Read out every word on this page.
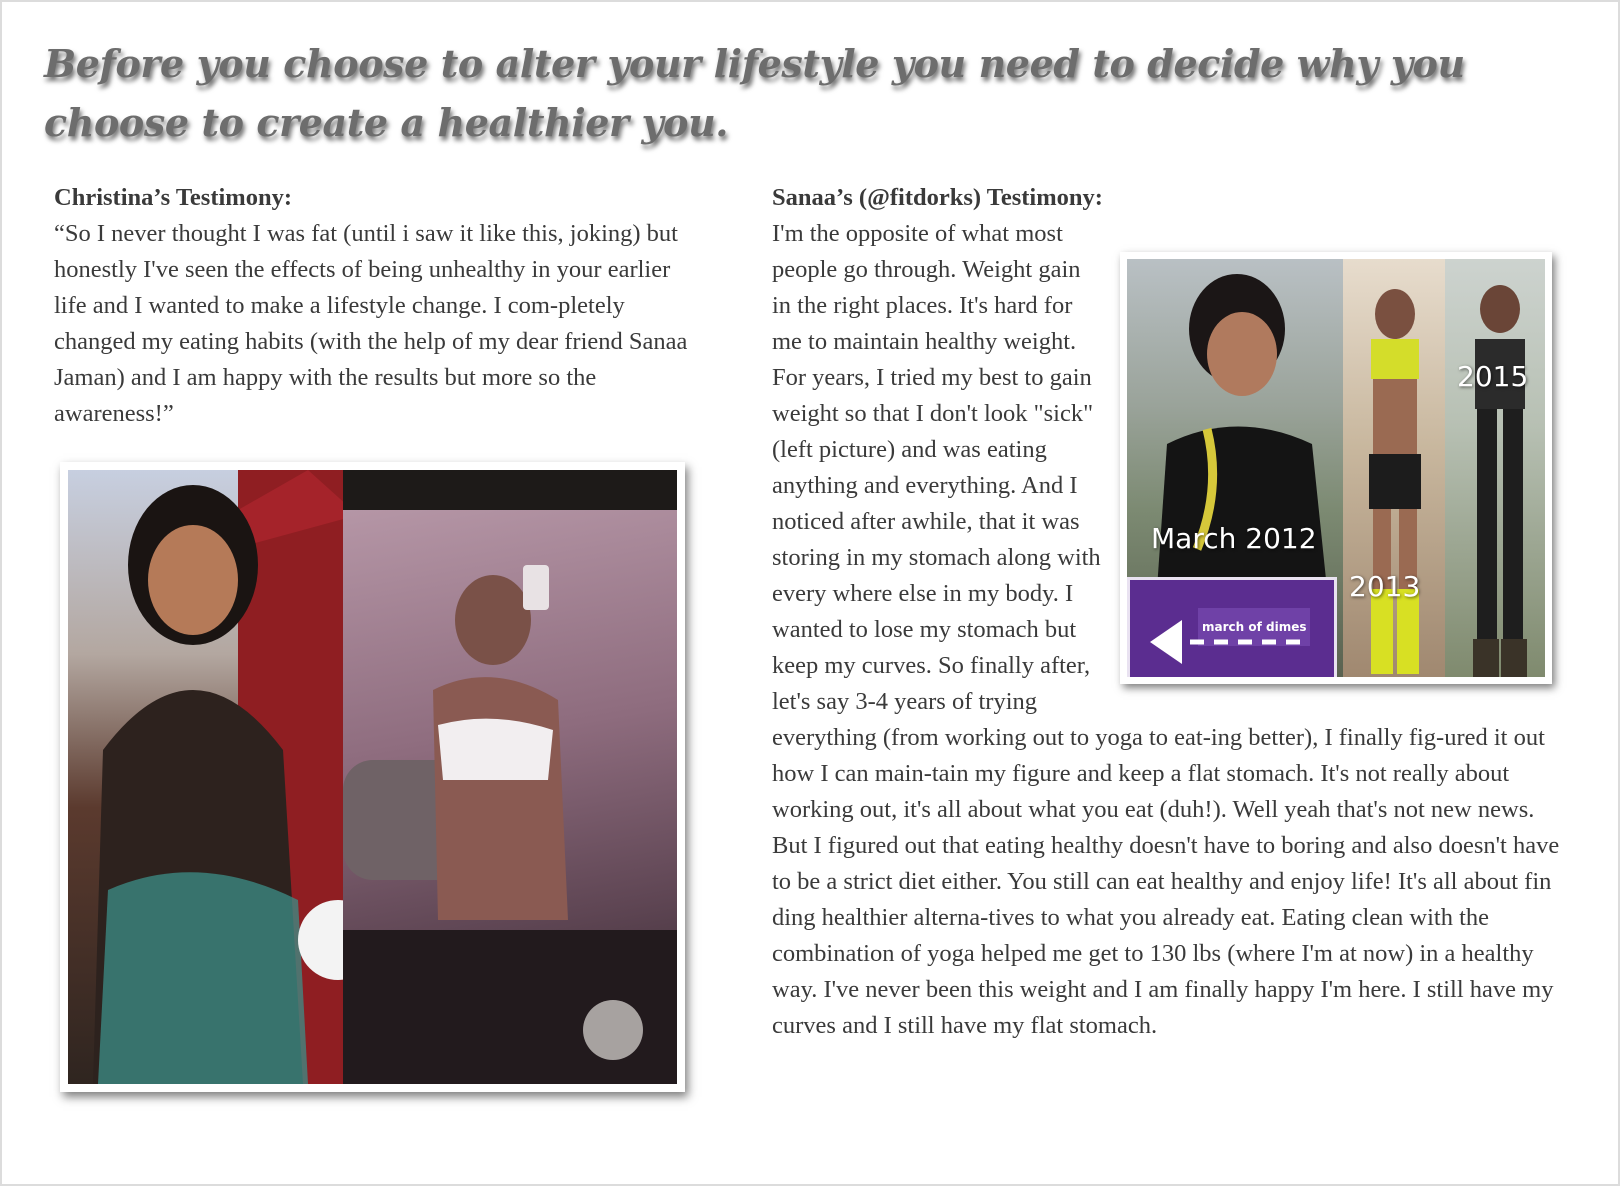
Before you choose to alter your lifestyle you need to decide why you choose to create a healthier you.
Christina’s Testimony:

“So I never thought I was fat (until i saw it like this, joking) but honestly I've seen the effects of being unhealthy in your earlier life and I wanted to make a lifestyle change. I com-pletely changed my eating habits (with the help of my dear friend Sanaa Jaman) and I am happy with the results but more so the awareness!”

Sanaa’s (@fitdorks) Testimony:
march of dimes
March 2012
2013
2015

I'm the opposite of what most people go through. Weight gain in the right places. It's hard for me to maintain healthy weight. For years, I tried my best to gain weight so that I don't look "sick" (left picture) and was eating anything and everything. And I noticed after awhile, that it was storing in my stomach along with every where else in my body. I wanted to lose my stomach but keep my curves. So finally after, let's say 3-4 years of trying everything (from working out to yoga to eat-ing better), I finally fig-ured it out how I can main-tain my figure and keep a flat stomach. It's not really about working out, it's all about what you eat (duh!). Well yeah that's not new news. But I figured out that eating healthy doesn't have to boring and also doesn't have to be a strict diet either. You still can eat healthy and enjoy life! It's all about fin ding healthier alterna-tives to what you already eat. Eating clean with the combination of yoga helped me get to 130 lbs (where I'm at now) in a healthy way. I've never been this weight and I am finally happy I'm here. I still have my curves and I still have my flat stomach.
